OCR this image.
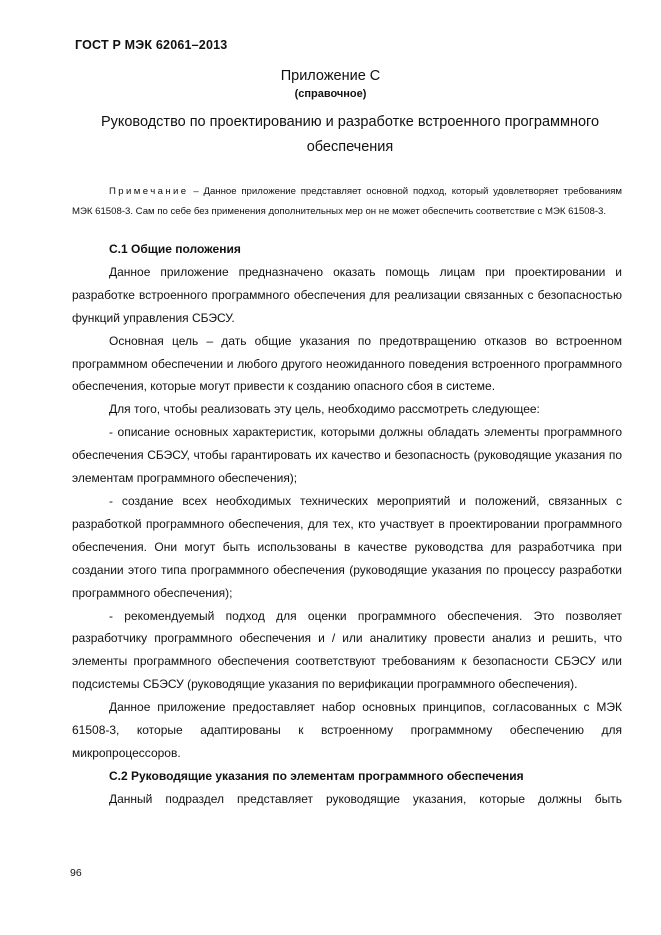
ГОСТ Р МЭК 62061–2013
Приложение С
(справочное)
Руководство по проектированию и разработке встроенного программного обеспечения
Примечание – Данное приложение представляет основной подход, который удовлетворяет требованиям МЭК 61508-3. Сам по себе без применения дополнительных мер он не может обеспечить соответствие с МЭК 61508-3.
С.1 Общие положения

Данное приложение предназначено оказать помощь лицам при проектировании и разработке встроенного программного обеспечения для реализации связанных с безопасностью функций управления СБЭСУ.

Основная цель – дать общие указания по предотвращению отказов во встроенном программном обеспечении и любого другого неожиданного поведения встроенного программного обеспечения, которые могут привести к созданию опасного сбоя в системе.

Для того, чтобы реализовать эту цель, необходимо рассмотреть следующее:

- описание основных характеристик, которыми должны обладать элементы программного обеспечения СБЭСУ, чтобы гарантировать их качество и безопасность (руководящие указания по элементам программного обеспечения);

- создание всех необходимых технических мероприятий и положений, связанных с разработкой программного обеспечения, для тех, кто участвует в проектировании программного обеспечения. Они могут быть использованы в качестве руководства для разработчика при создании этого типа программного обеспечения (руководящие указания по процессу разработки программного обеспечения);

- рекомендуемый подход для оценки программного обеспечения. Это позволяет разработчику программного обеспечения и / или аналитику провести анализ и решить, что элементы программного обеспечения соответствуют требованиям к безопасности СБЭСУ или подсистемы СБЭСУ (руководящие указания по верификации программного обеспечения).

Данное приложение предоставляет набор основных принципов, согласованных с МЭК 61508-3, которые адаптированы к встроенному программному обеспечению для микропроцессоров.

С.2 Руководящие указания по элементам программного обеспечения

Данный подраздел представляет руководящие указания, которые должны быть

96
